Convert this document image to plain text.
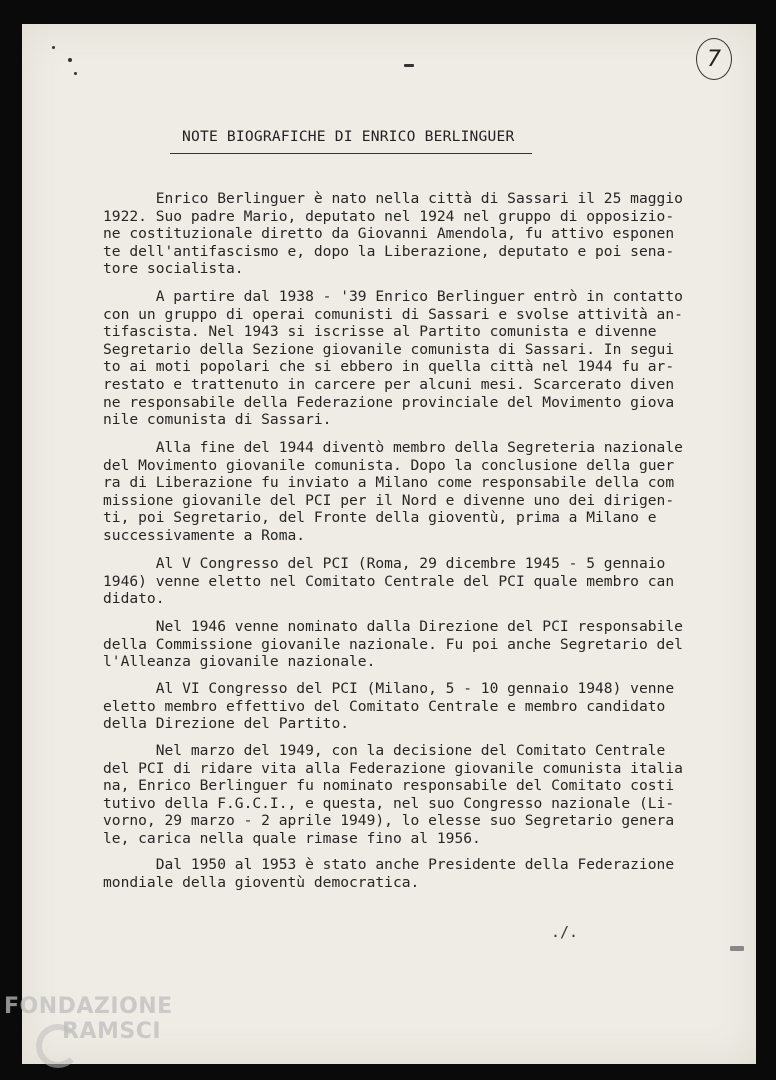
7
NOTE BIOGRAFICHE DI ENRICO BERLINGUER
Enrico Berlinguer è nato nella città di Sassari il 25 maggio
1922. Suo padre Mario, deputato nel 1924 nel gruppo di opposizio-
ne costituzionale diretto da Giovanni Amendola, fu attivo esponen
te dell'antifascismo e, dopo la Liberazione, deputato e poi sena-
tore socialista.
A partire dal 1938 - '39 Enrico Berlinguer entrò in contatto
con un gruppo di operai comunisti di Sassari e svolse attività an-
tifascista. Nel 1943 si iscrisse al Partito comunista e divenne
Segretario della Sezione giovanile comunista di Sassari. In segui
to ai moti popolari che si ebbero in quella città nel 1944 fu ar-
restato e trattenuto in carcere per alcuni mesi. Scarcerato diven
ne responsabile della Federazione provinciale del Movimento giova
nile comunista di Sassari.
Alla fine del 1944 diventò membro della Segreteria nazionale
del Movimento giovanile comunista. Dopo la conclusione della guer
ra di Liberazione fu inviato a Milano come responsabile della com
missione giovanile del PCI per il Nord e divenne uno dei dirigen-
ti, poi Segretario, del Fronte della gioventù, prima a Milano e
successivamente a Roma.
Al V Congresso del PCI (Roma, 29 dicembre 1945 - 5 gennaio
1946) venne eletto nel Comitato Centrale del PCI quale membro can
didato.
Nel 1946 venne nominato dalla Direzione del PCI responsabile
della Commissione giovanile nazionale. Fu poi anche Segretario del
l'Alleanza giovanile nazionale.
Al VI Congresso del PCI (Milano, 5 - 10 gennaio 1948) venne
eletto membro effettivo del Comitato Centrale e membro candidato
della Direzione del Partito.
Nel marzo del 1949, con la decisione del Comitato Centrale
del PCI di ridare vita alla Federazione giovanile comunista italia
na, Enrico Berlinguer fu nominato responsabile del Comitato costi
tutivo della F.G.C.I., e questa, nel suo Congresso nazionale (Li-
vorno, 29 marzo - 2 aprile 1949), lo elesse suo Segretario genera
le, carica nella quale rimase fino al 1956.
Dal 1950 al 1953 è stato anche Presidente della Federazione
mondiale della gioventù democratica.
./.
FONDAZIONE
RAMSCI
